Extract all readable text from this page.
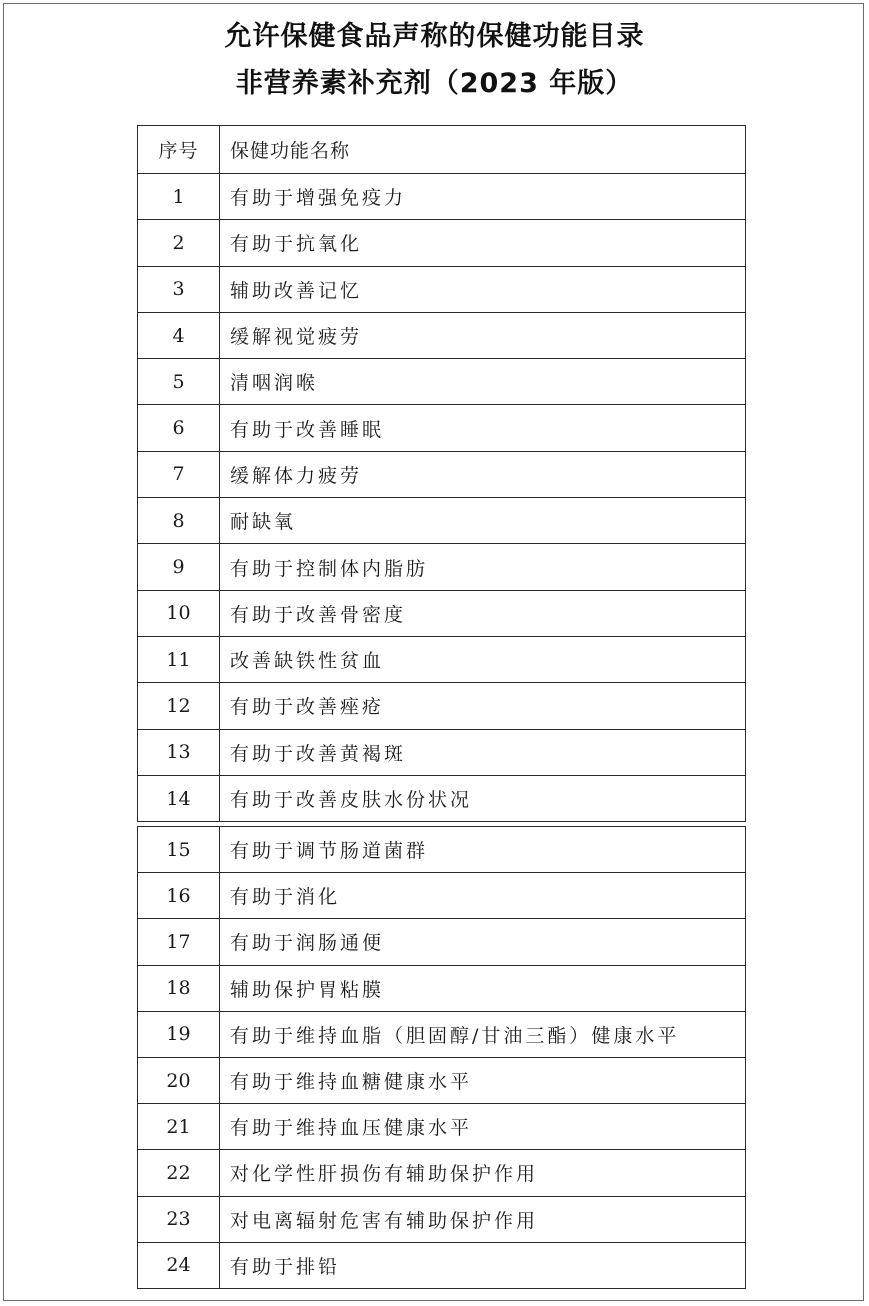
允许保健食品声称的保健功能目录
非营养素补充剂（2023 年版）
序号	保健功能名称
1	有助于增强免疫力
2	有助于抗氧化
3	辅助改善记忆
4	缓解视觉疲劳
5	清咽润喉
6	有助于改善睡眠
7	缓解体力疲劳
8	耐缺氧
9	有助于控制体内脂肪
10	有助于改善骨密度
11	改善缺铁性贫血
12	有助于改善痤疮
13	有助于改善黄褐斑
14	有助于改善皮肤水份状况
15	有助于调节肠道菌群
16	有助于消化
17	有助于润肠通便
18	辅助保护胃粘膜
19	有助于维持血脂（胆固醇/甘油三酯）健康水平
20	有助于维持血糖健康水平
21	有助于维持血压健康水平
22	对化学性肝损伤有辅助保护作用
23	对电离辐射危害有辅助保护作用
24	有助于排铅
